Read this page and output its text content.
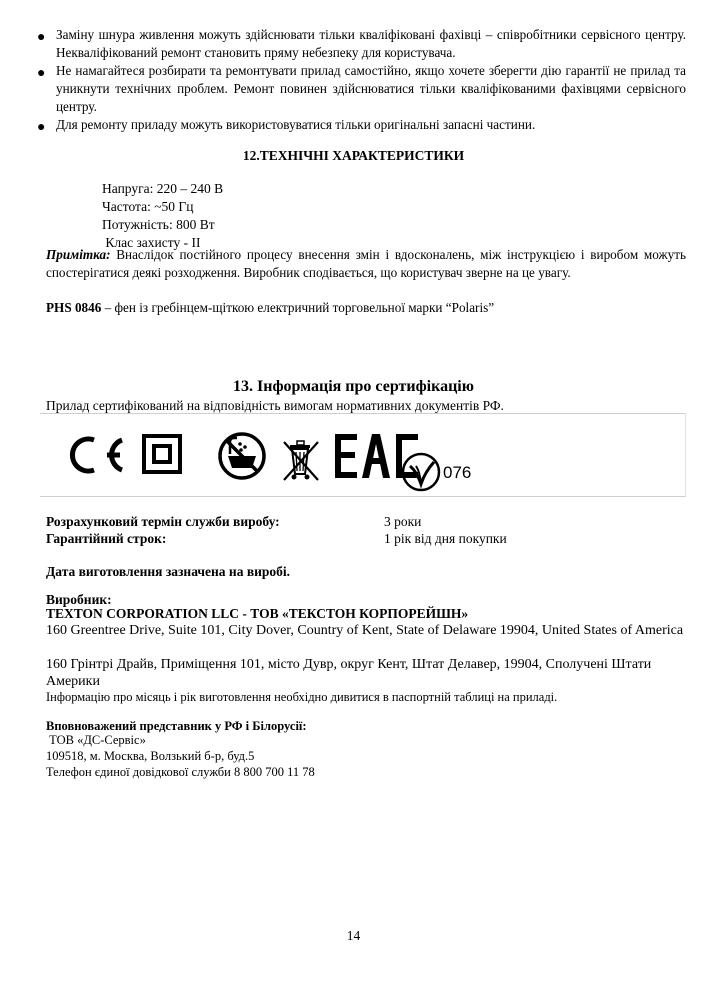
● Заміну шнура живлення можуть здійснювати тільки кваліфіковані фахівці – співробітники сервісного центру. Некваліфікований ремонт становить пряму небезпеку для користувача.
● Не намагайтеся розбирати та ремонтувати прилад самостійно, якщо хочете зберегти дію гарантії не прилад та уникнути технічних проблем. Ремонт повинен здійснюватися тільки кваліфікованими фахівцями сервісного центру.
● Для ремонту приладу можуть використовуватися тільки оригінальні запасні частини.
12.ТЕХНІЧНІ ХАРАКТЕРИСТИКИ
Напруга: 220 – 240 В
Частота: ~50 Гц
Потужність: 800 Вт
Клас захисту - ІІ
Примітка: Внаслідок постійного процесу внесення змін і вдосконалень, між інструкцією і виробом можуть спостерігатися деякі розходження. Виробник сподівається, що користувач зверне на це увагу.
PHS 0846 – фен із гребінцем-щіткою електричний торговельної марки “Polaris”
13. Інформація про сертифікацію
Прилад сертифікований на відповідність вимогам нормативних документів РФ.
076
Розрахунковий термін служби виробу:	3 роки
Гарантійний строк:	1 рік від дня покупки
Дата виготовлення зазначена на виробі.
Виробник:
TEXTON CORPORATION LLC - ТОВ «ТЕКСТОН КОРПОРЕЙШН»
160 Greentree Drive, Suite 101, City Dover, Country of Kent, State of Delaware 19904, United States of America
160 Грінтрі Драйв, Приміщення 101, місто Дувр, округ Кент, Штат Делавер, 19904, Сполучені Штати Америки
Інформацію про місяць і рік виготовлення необхідно дивитися в паспортній таблиці на приладі.
Вповноважений представник у РФ і Білорусії:
ТОВ «ДС-Сервіс»
109518, м. Москва, Волзький б-р, буд.5
Телефон єдиної довідкової служби 8 800 700 11 78
14
